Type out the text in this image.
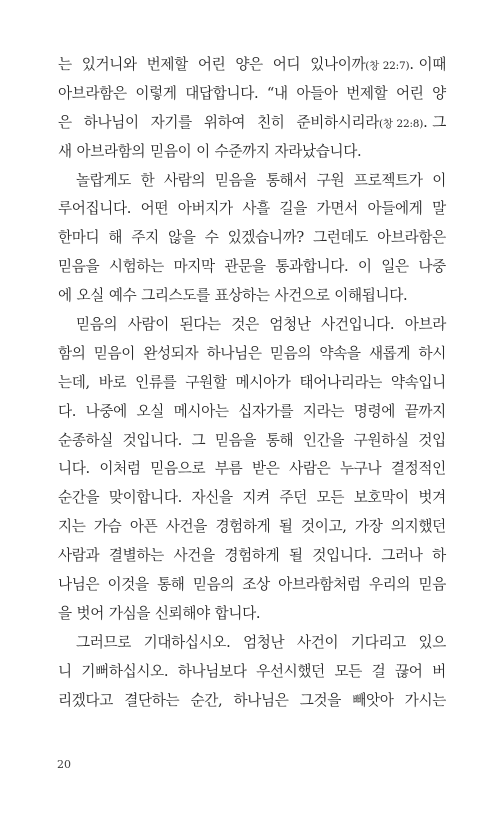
는 있거니와 번제할 어린 양은 어디 있나이까(창 22:7). 이때
아브라함은 이렇게 대답합니다. “내 아들아 번제할 어린 양
은 하나님이 자기를 위하여 친히 준비하시리라(창 22:8). 그
새 아브라함의 믿음이 이 수준까지 자라났습니다.
놀랍게도 한 사람의 믿음을 통해서 구원 프로젝트가 이
루어집니다. 어떤 아버지가 사흘 길을 가면서 아들에게 말
한마디 해 주지 않을 수 있겠습니까? 그런데도 아브라함은
믿음을 시험하는 마지막 관문을 통과합니다. 이 일은 나중
에 오실 예수 그리스도를 표상하는 사건으로 이해됩니다.
믿음의 사람이 된다는 것은 엄청난 사건입니다. 아브라
함의 믿음이 완성되자 하나님은 믿음의 약속을 새롭게 하시
는데, 바로 인류를 구원할 메시아가 태어나리라는 약속입니
다. 나중에 오실 메시아는 십자가를 지라는 명령에 끝까지
순종하실 것입니다. 그 믿음을 통해 인간을 구원하실 것입
니다. 이처럼 믿음으로 부름 받은 사람은 누구나 결정적인
순간을 맞이합니다. 자신을 지켜 주던 모든 보호막이 벗겨
지는 가슴 아픈 사건을 경험하게 될 것이고, 가장 의지했던
사람과 결별하는 사건을 경험하게 될 것입니다. 그러나 하
나님은 이것을 통해 믿음의 조상 아브라함처럼 우리의 믿음
을 벗어 가심을 신뢰해야 합니다.
그러므로 기대하십시오. 엄청난 사건이 기다리고 있으
니 기뻐하십시오. 하나님보다 우선시했던 모든 걸 끊어 버
리겠다고 결단하는 순간, 하나님은 그것을 빼앗아 가시는
20
